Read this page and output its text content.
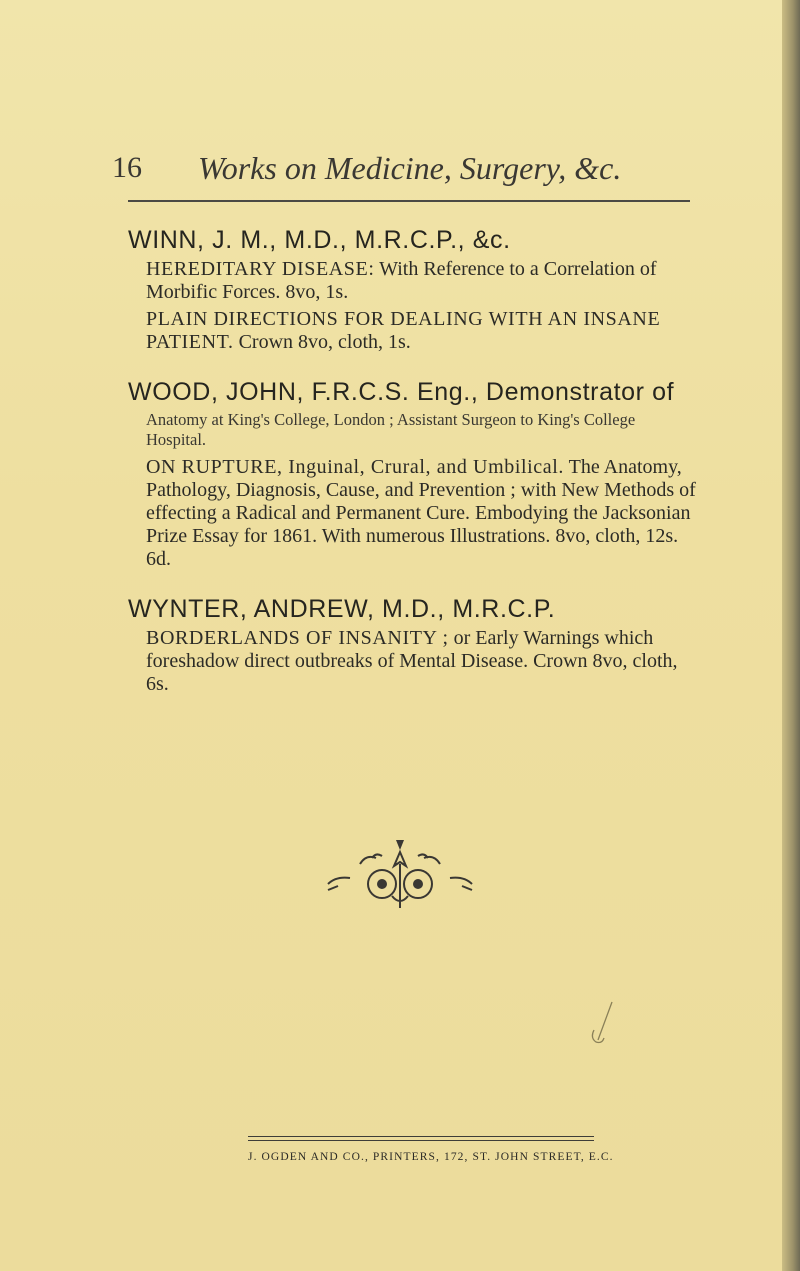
16 Works on Medicine, Surgery, &c.

WINN, J. M., M.D., M.R.C.P., &c.

HEREDITARY DISEASE: With Reference to a Correlation of Morbific Forces. 8vo, 1s.

PLAIN DIRECTIONS FOR DEALING WITH AN INSANE PATIENT. Crown 8vo, cloth, 1s.

WOOD, JOHN, F.R.C.S. Eng., Demonstrator of

Anatomy at King's College, London ; Assistant Surgeon to King's College Hospital.

ON RUPTURE, Inguinal, Crural, and Umbilical. The Anatomy, Pathology, Diagnosis, Cause, and Prevention ; with New Methods of effecting a Radical and Permanent Cure. Embodying the Jacksonian Prize Essay for 1861. With numerous Illustrations. 8vo, cloth, 12s. 6d.

WYNTER, ANDREW, M.D., M.R.C.P.

BORDERLANDS OF INSANITY ; or Early Warnings which foreshadow direct outbreaks of Mental Disease. Crown 8vo, cloth, 6s.

J. OGDEN AND CO., PRINTERS, 172, ST. JOHN STREET, E.C.
